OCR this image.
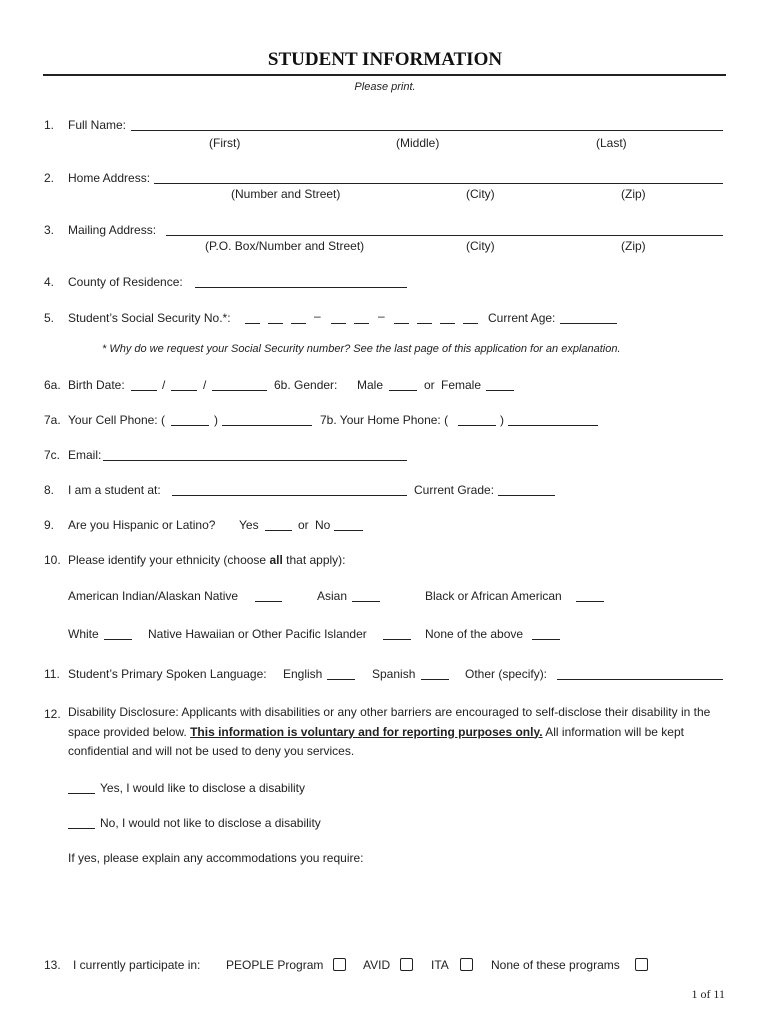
STUDENT INFORMATION
Please print.
1. Full Name:
(First)	(Middle)	(Last)
2. Home Address:
(Number and Street)	(City)	(Zip)
3. Mailing Address:
(P.O. Box/Number and Street)	(City)	(Zip)
4. County of Residence:
5. Student’s Social Security No.*:	–	–	Current Age:
* Why do we request your Social Security number? See the last page of this application for an explanation.
6a. Birth Date:	/	/	6b. Gender: Male	or Female
7a. Your Cell Phone: (	)	7b. Your Home Phone: (	)
7c. Email:
8. I am a student at:	Current Grade:
9. Are you Hispanic or Latino? Yes	or No
10. Please identify your ethnicity (choose all that apply):
American Indian/Alaskan Native	Asian	Black or African American
White	Native Hawaiian or Other Pacific Islander	None of the above
11. Student’s Primary Spoken Language: English	Spanish	Other (specify):
12. Disability Disclosure: Applicants with disabilities or any other barriers are encouraged to self-disclose their disability in the space provided below. This information is voluntary and for reporting purposes only. All information will be kept confidential and will not be used to deny you services.
Yes, I would like to disclose a disability
No, I would not like to disclose a disability
If yes, please explain any accommodations you require:
13. I currently participate in: PEOPLE Program	AVID	ITA	None of these programs
1 of 11
